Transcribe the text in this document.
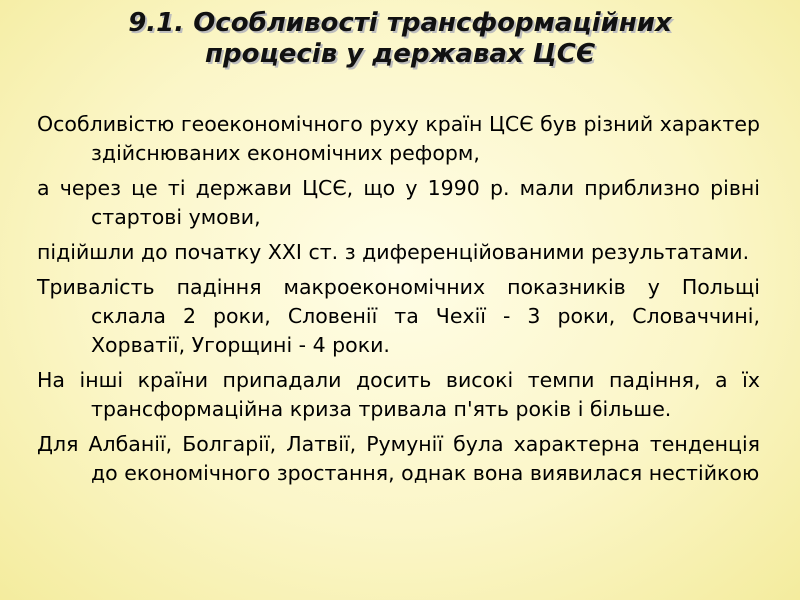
9.1. Особливості трансформаційних
процесів у державах ЦСЄ
Особливістю геоекономічного руху країн ЦСЄ був різний характер здійснюваних економічних реформ,
а через це ті держави ЦСЄ, що у 1990 р. мали приблизно рівні стартові умови,
підійшли до початку ХХІ ст. з диференційованими результатами.
Тривалість падіння макроекономічних показників у Польщі склала 2 роки, Словенії та Чехії - 3 роки, Словаччині, Хорватії, Угорщині - 4 роки.
На інші країни припадали досить високі темпи падіння, а їх трансформаційна криза тривала п'ять років і більше.
Для Албанії, Болгарії, Латвії, Румунії була характерна тенденція до економічного зростання, однак вона виявилася нестійкою
